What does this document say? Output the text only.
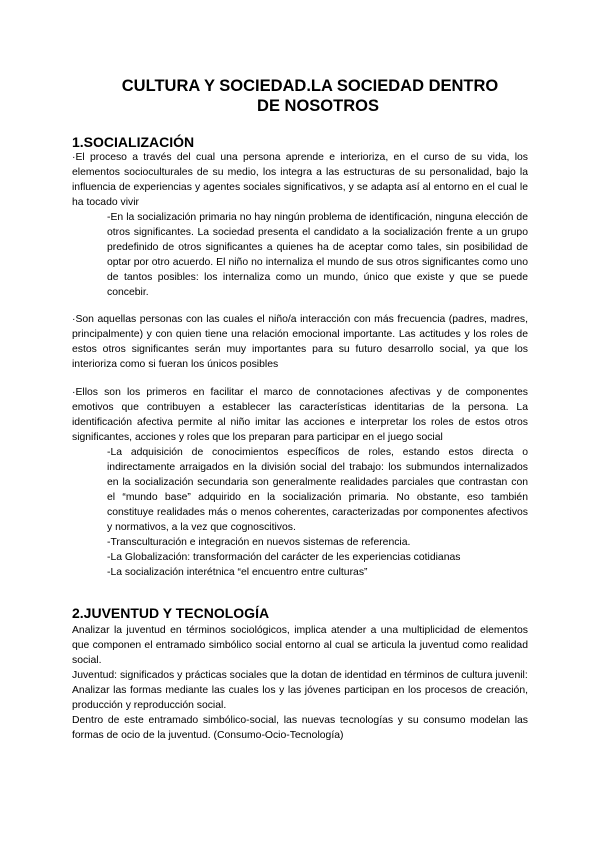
CULTURA Y SOCIEDAD.LA SOCIEDAD DENTRO
DE NOSOTROS
1.SOCIALIZACIÓN

·El proceso a través del cual una persona aprende e interioriza, en el curso de su vida, los elementos socioculturales de su medio, los integra a las estructuras de su personalidad, bajo la influencia de experiencias y agentes sociales significativos, y se adapta así al entorno en el cual le ha tocado vivir

-En la socialización primaria no hay ningún problema de identificación, ninguna elección de otros significantes. La sociedad presenta el candidato a la socialización frente a un grupo predefinido de otros significantes a quienes ha de aceptar como tales, sin posibilidad de optar por otro acuerdo. El niño no internaliza el mundo de sus otros significantes como uno de tantos posibles: los internaliza como un mundo, único que existe y que se puede concebir.

·Son aquellas personas con las cuales el niño/a interacción con más frecuencia (padres, madres, principalmente) y con quien tiene una relación emocional importante. Las actitudes y los roles de estos otros significantes serán muy importantes para su futuro desarrollo social, ya que los interioriza como si fueran los únicos posibles

·Ellos son los primeros en facilitar el marco de connotaciones afectivas y de componentes emotivos que contribuyen a establecer las características identitarias de la persona. La identificación afectiva permite al niño imitar las acciones e interpretar los roles de estos otros significantes, acciones y roles que los preparan para participar en el juego social

-La adquisición de conocimientos específicos de roles, estando estos directa o indirectamente arraigados en la división social del trabajo: los submundos internalizados en la socialización secundaria son generalmente realidades parciales que contrastan con el “mundo base” adquirido en la socialización primaria. No obstante, eso también constituye realidades más o menos coherentes, caracterizadas por componentes afectivos y normativos, a la vez que cognoscitivos.

-Transculturación e integración en nuevos sistemas de referencia.

-La Globalización: transformación del carácter de les experiencias cotidianas

-La socialización interétnica “el encuentro entre culturas”

2.JUVENTUD Y TECNOLOGÍA

Analizar la juventud en términos sociológicos, implica atender a una multiplicidad de elementos que componen el entramado simbólico social entorno al cual se articula la juventud como realidad social.

Juventud: significados y prácticas sociales que la dotan de identidad en términos de cultura juvenil:

Analizar las formas mediante las cuales los y las jóvenes participan en los procesos de creación, producción y reproducción social.

Dentro de este entramado simbólico-social, las nuevas tecnologías y su consumo modelan las formas de ocio de la juventud. (Consumo-Ocio-Tecnología)
